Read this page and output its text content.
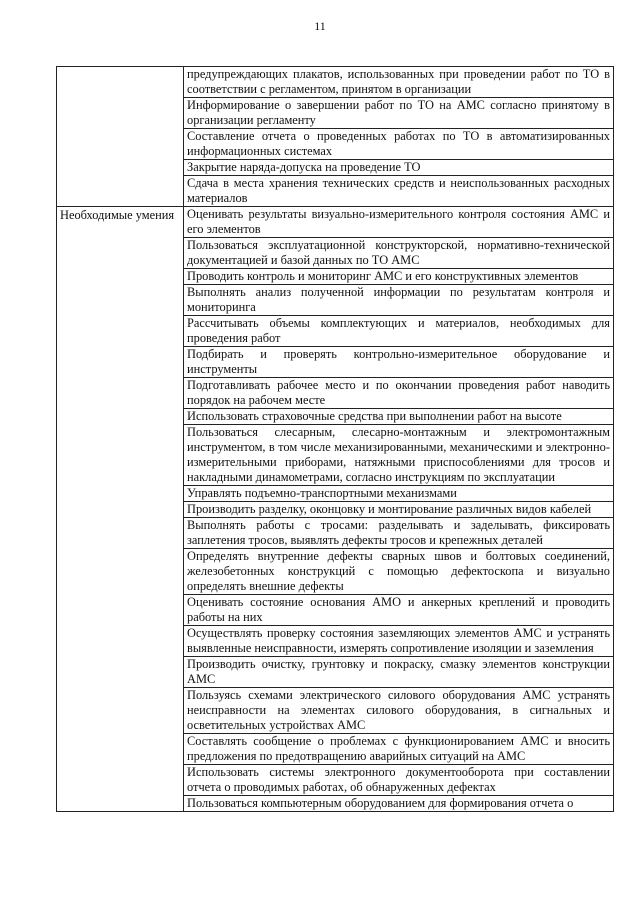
11
	предупреждающих плакатов, использованных при проведении работ по ТО в соответствии с регламентом, принятом в организации
	Информирование о завершении работ по ТО на АМС согласно принятому в организации регламенту
	Составление отчета о проведенных работах по ТО в автоматизированных информационных системах
	Закрытие наряда-допуска на проведение ТО
	Сдача в места хранения технических средств и неиспользованных расходных материалов

Необходимые умения	Оценивать результаты визуально-измерительного контроля состояния АМС и его элементов
	Пользоваться эксплуатационной конструкторской, нормативно-технической документацией и базой данных по ТО АМС
	Проводить контроль и мониторинг АМС и его конструктивных элементов
	Выполнять анализ полученной информации по результатам контроля и мониторинга
	Рассчитывать объемы комплектующих и материалов, необходимых для проведения работ
	Подбирать и проверять контрольно-измерительное оборудование и инструменты
	Подготавливать рабочее место и по окончании проведения работ наводить порядок на рабочем месте
	Использовать страховочные средства при выполнении работ на высоте
	Пользоваться слесарным, слесарно-монтажным и электромонтажным инструментом, в том числе механизированными, механическими и электронно-измерительными приборами, натяжными приспособлениями для тросов и накладными динамометрами, согласно инструкциям по эксплуатации
	Управлять подъемно-транспортными механизмами
	Производить разделку, оконцовку и монтирование различных видов кабелей
	Выполнять работы с тросами: разделывать и заделывать, фиксировать заплетения тросов, выявлять дефекты тросов и крепежных деталей
	Определять внутренние дефекты сварных швов и болтовых соединений, железобетонных конструкций с помощью дефектоскопа и визуально определять внешние дефекты
	Оценивать состояние основания АМО и анкерных креплений и проводить работы на них
	Осуществлять проверку состояния заземляющих элементов АМС и устранять выявленные неисправности, измерять сопротивление изоляции и заземления
	Производить очистку, грунтовку и покраску, смазку элементов конструкции АМС
	Пользуясь схемами электрического силового оборудования АМС устранять неисправности на элементах силового оборудования, в сигнальных и осветительных устройствах АМС
	Составлять сообщение о проблемах с функционированием АМС и вносить предложения по предотвращению аварийных ситуаций на АМС
	Использовать системы электронного документооборота при составлении отчета о проводимых работах, об обнаруженных дефектах
	Пользоваться компьютерным оборудованием для формирования отчета о
